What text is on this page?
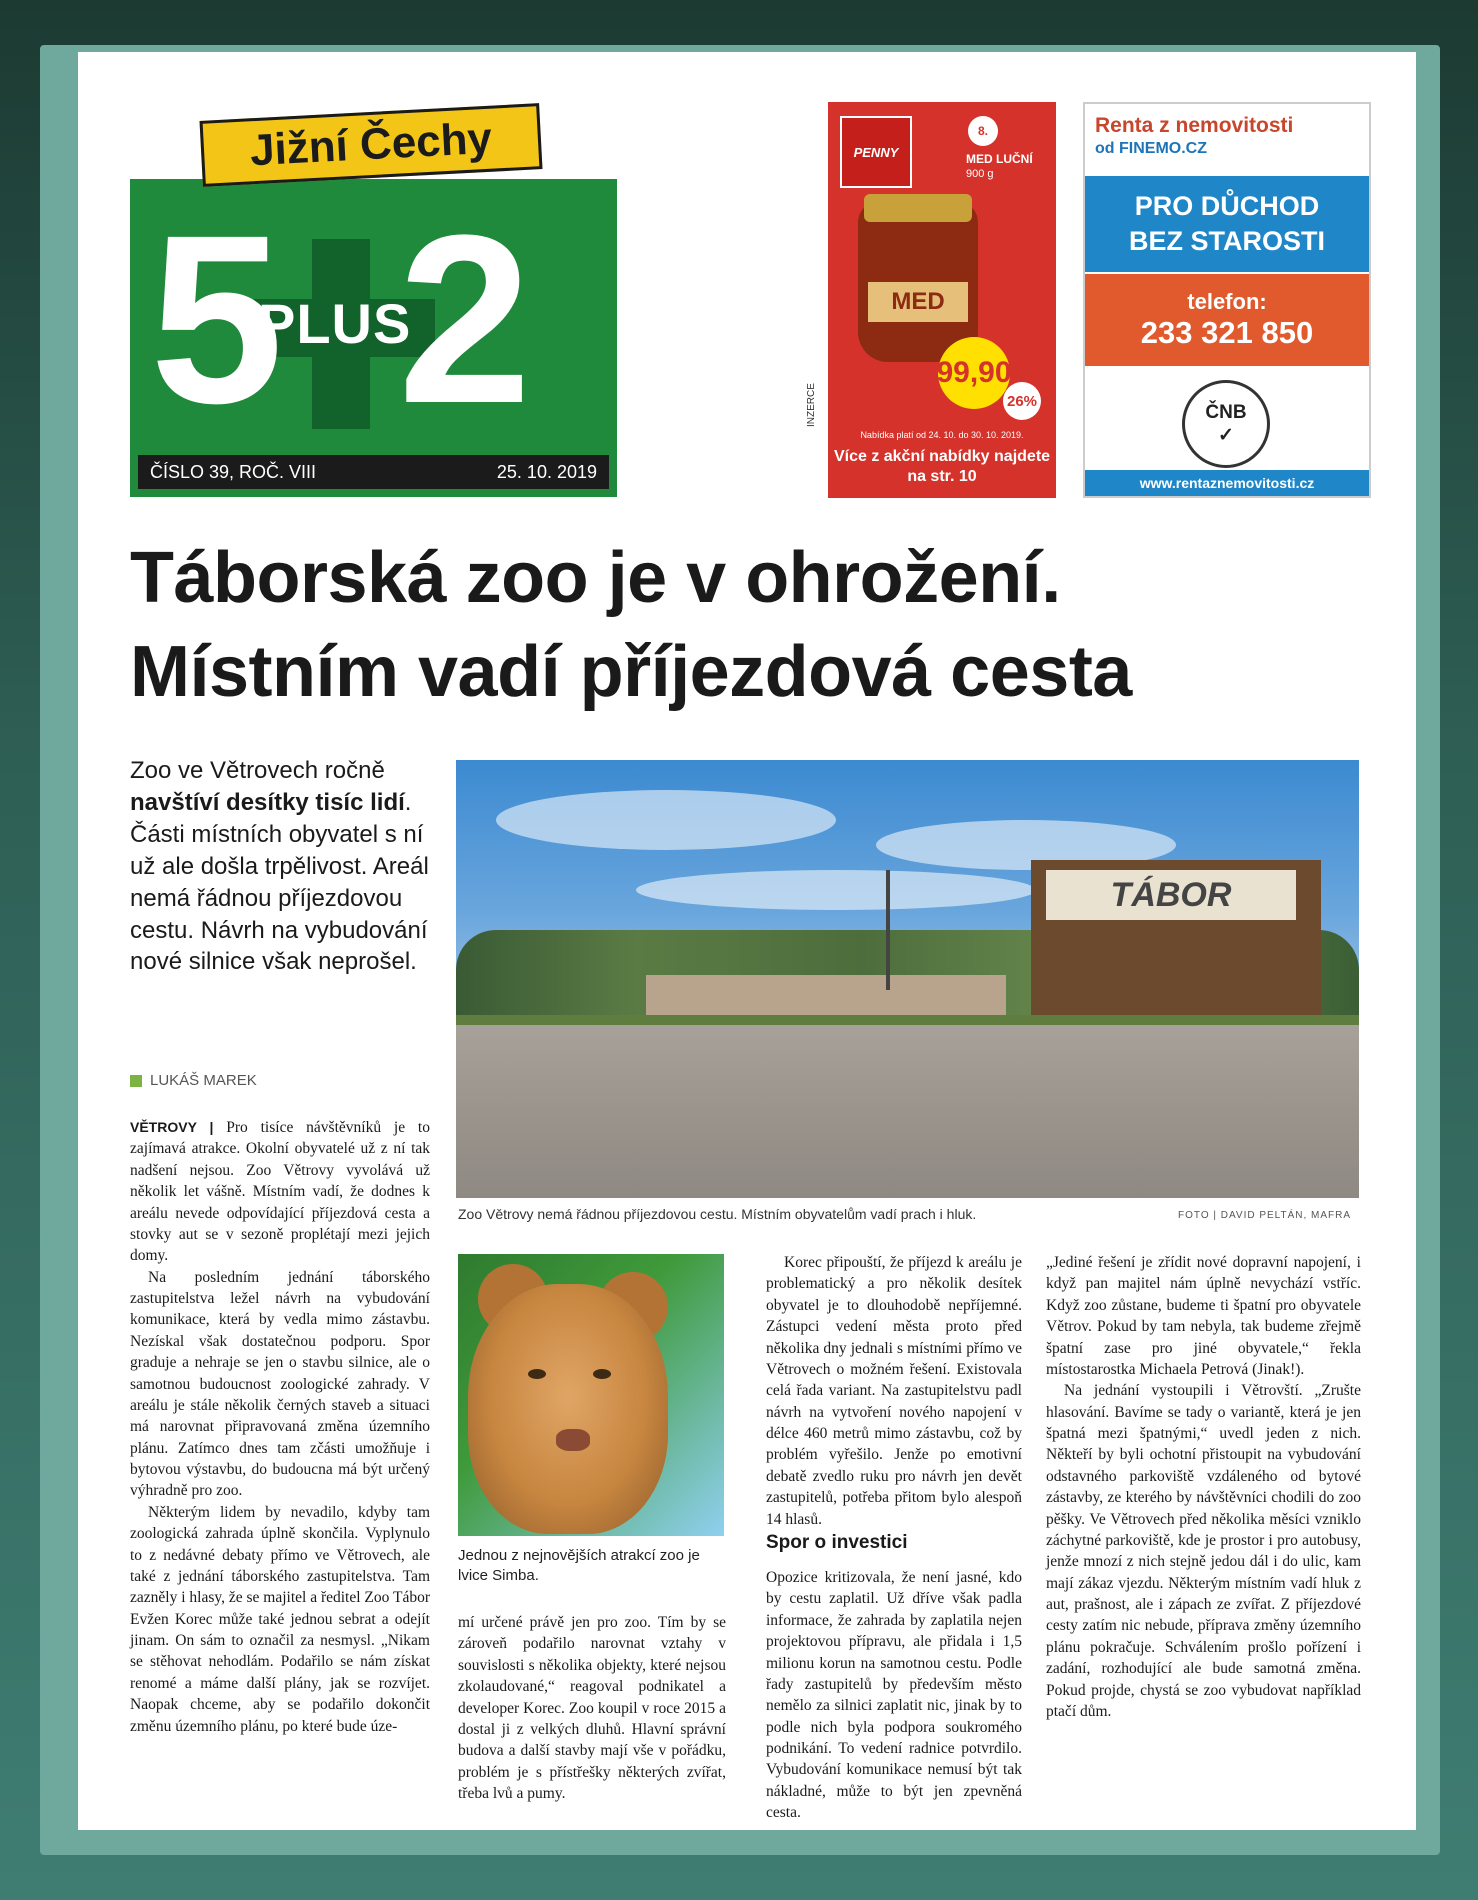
5 2
PLUS
ČÍSLO 39, ROČ. VIII	25. 10. 2019
Jižní Čechy	PENNY
8.
MED LUČNÍ
900 g
MED
99,90
26%
Nabídka platí od 24. 10. do 30. 10. 2019.
Více z akční nabídky najdete na str. 10
INZERCE
Renta z nemovitosti
od FINEMO.CZ
PRO DŮCHOD
BEZ STAROSTI
telefon:
233 321 850
ČNB
✓
www.rentaznemovitosti.cz
Táborská zoo je v ohrožení.
Místním vadí příjezdová cesta
Zoo ve Větrovech ročně navštíví desítky tisíc lidí. Části místních obyvatel s ní už ale došla trpělivost. Areál nemá řádnou příjezdovou cestu. Návrh na vybudování nové silnice však neprošel.
LUKÁŠ MAREK
TÁBOR
Zoo Větrovy nemá řádnou příjezdovou cestu. Místním obyvatelům vadí prach i hluk.	FOTO | DAVID PELTÁN, MAFRA
Jednou z nejnovějších atrakcí zoo je lvice Simba.

VĚTROVY | Pro tisíce návštěvníků je to zajímavá atrakce. Okolní obyvatelé už z ní tak nadšení nejsou. Zoo Větrovy vyvolává už několik let vášně. Místním vadí, že dodnes k areálu nevede odpovídající příjezdová cesta a stovky aut se v sezoně proplétají mezi jejich domy.

Na posledním jednání táborského zastupitelstva ležel návrh na vybudování komunikace, která by vedla mimo zástavbu. Nezískal však dostatečnou podporu. Spor graduje a nehraje se jen o stavbu silnice, ale o samotnou budoucnost zoologické zahrady. V areálu je stále několik černých staveb a situaci má narovnat připravovaná změna územního plánu. Zatímco dnes tam zčásti umožňuje i bytovou výstavbu, do budoucna má být určený výhradně pro zoo.

Některým lidem by nevadilo, kdyby tam zoologická zahrada úplně skončila. Vyplynulo to z nedávné debaty přímo ve Větrovech, ale také z jednání táborského zastupitelstva. Tam zazněly i hlasy, že se majitel a ředitel Zoo Tábor Evžen Korec může také jednou sebrat a odejít jinam. On sám to označil za nesmysl. „Nikam se stěhovat nehodlám. Podařilo se nám získat renomé a máme další plány, jak se rozvíjet. Naopak chceme, aby se podařilo dokončit změnu územního plánu, po které bude úze-

mí určené právě jen pro zoo. Tím by se zároveň podařilo narovnat vztahy v souvislosti s několika objekty, které nejsou zkolaudované,“ reagoval podnikatel a developer Korec. Zoo koupil v roce 2015 a dostal ji z velkých dluhů. Hlavní správní budova a další stavby mají vše v pořádku, problém je s přístřešky některých zvířat, třeba lvů a pumy.

Korec připouští, že příjezd k areálu je problematický a pro několik desítek obyvatel je to dlouhodobě nepříjemné. Zástupci vedení města proto před několika dny jednali s místními přímo ve Větrovech o možném řešení. Existovala celá řada variant. Na zastupitelstvu padl návrh na vytvoření nového napojení v délce 460 metrů mimo zástavbu, což by problém vyřešilo. Jenže po emotivní debatě zvedlo ruku pro návrh jen devět zastupitelů, potřeba přitom bylo alespoň 14 hlasů.

Spor o investici

Opozice kritizovala, že není jasné, kdo by cestu zaplatil. Už dříve však padla informace, že zahrada by zaplatila nejen projektovou přípravu, ale přidala i 1,5 milionu korun na samotnou cestu. Podle řady zastupitelů by především město nemělo za silnici zaplatit nic, jinak by to podle nich byla podpora soukromého podnikání. To vedení radnice potvrdilo. Vybudování komunikace nemusí být tak nákladné, může to být jen zpevněná cesta.

„Jediné řešení je zřídit nové dopravní napojení, i když pan majitel nám úplně nevychází vstříc. Když zoo zůstane, budeme ti špatní pro obyvatele Větrov. Pokud by tam nebyla, tak budeme zřejmě špatní zase pro jiné obyvatele,“ řekla místostarostka Michaela Petrová (Jinak!).

Na jednání vystoupili i Větrovští. „Zrušte hlasování. Bavíme se tady o variantě, která je jen špatná mezi špatnými,“ uvedl jeden z nich. Někteří by byli ochotní přistoupit na vybudování odstavného parkoviště vzdáleného od bytové zástavby, ze kterého by návštěvníci chodili do zoo pěšky. Ve Větrovech před několika měsíci vzniklo záchytné parkoviště, kde je prostor i pro autobusy, jenže mnozí z nich stejně jedou dál i do ulic, kam mají zákaz vjezdu. Některým místním vadí hluk z aut, prašnost, ale i zápach ze zvířat. Z příjezdové cesty zatím nic nebude, příprava změny územního plánu pokračuje. Schválením prošlo pořízení i zadání, rozhodující ale bude samotná změna. Pokud projde, chystá se zoo vybudovat například ptačí dům.
